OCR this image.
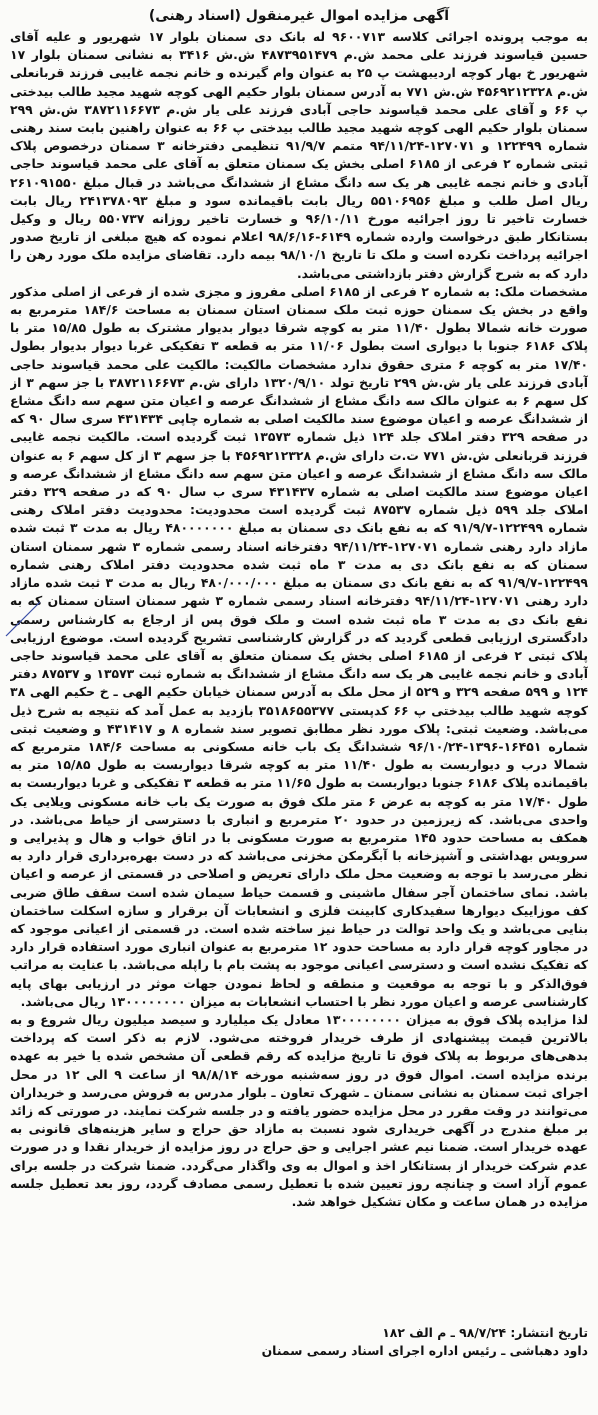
آگهی مزایده اموال غیرمنقول (اسناد رهنی)

به موجب پرونده اجرائی کلاسه ۹۶۰۰۷۱۳ له بانک دی سمنان بلوار ۱۷ شهریور و علیه آقای حسین قیاسوند فرزند علی محمد ش.م ۴۸۷۳۹۵۱۴۷۹ ش.ش ۳۴۱۶ به نشانی سمنان بلوار ۱۷ شهریور خ بهار کوچه اردیبهشت پ ۲۵ به عنوان وام گیرنده و خانم نجمه غایبی فرزند قربانعلی ش.م ۴۵۶۹۲۱۲۳۲۸ ش.ش ۷۷۱ به آدرس سمنان بلوار حکیم الهی کوچه شهید مجید طالب بیدختی پ ۶۶ و آقای علی محمد قیاسوند حاجی آبادی فرزند علی یار ش.م ۳۸۷۲۱۱۶۶۷۳ ش.ش ۲۹۹ سمنان بلوار حکیم الهی کوچه شهید مجید طالب بیدختی پ ۶۶ به عنوان راهنین بابت سند رهنی شماره ۱۲۲۴۹۹ و ۱۲۷۰۷۱-۹۴/۱۱/۲۴ متمم ۹۱/۹/۷ تنظیمی دفترخانه ۳ سمنان درخصوص پلاک ثبتی شماره ۲ فرعی از ۶۱۸۵ اصلی بخش یک سمنان متعلق به آقای علی محمد قیاسوند حاجی آبادی و خانم نجمه غایبی هر یک سه دانگ مشاع از ششدانگ می‌باشد در قبال مبلغ ۲۶۱۰۹۱۵۵۰ ریال اصل طلب و مبلغ ۵۵۱۰۶۹۵۶ ریال بابت باقیمانده سود و مبلغ ۲۴۱۳۷۸۰۹۳ ریال بابت خسارت تاخیر تا روز اجرائیه مورخ ۹۶/۱۰/۱۱ و خسارت تاخیر روزانه ۵۵۰۷۳۷ ریال و وکیل بستانکار طبق درخواست وارده شماره ۶۱۴۹-۹۸/۶/۱۶ اعلام نموده که هیچ مبلغی از تاریخ صدور اجرائیه پرداخت نکرده است و ملک تا تاریخ ۹۸/۱۰/۱ بیمه دارد. تقاضای مزایده ملک مورد رهن را دارد که به شرح گزارش دفتر بازداشتی می‌باشد.

مشخصات ملک: به شماره ۲ فرعی از ۶۱۸۵ اصلی مفروز و مجزی شده از فرعی از اصلی مذکور واقع در بخش یک سمنان حوزه ثبت ملک سمنان استان سمنان به مساحت ۱۸۴/۶ مترمربع به صورت خانه شمالا بطول ۱۱/۴۰ متر به کوچه شرقا دیوار بدیوار مشترک به طول ۱۵/۸۵ متر با پلاک ۶۱۸۶ جنوبا با دیواری است بطول ۱۱/۰۶ متر به قطعه ۳ تفکیکی غربا دیوار بدیوار بطول ۱۷/۴۰ متر به کوچه ۶ متری حقوق ندارد مشخصات مالکیت: مالکیت علی محمد قیاسوند حاجی آبادی فرزند علی یار ش.ش ۲۹۹ تاریخ تولد ۱۳۲۰/۹/۱۰ دارای ش.م ۳۸۷۲۱۱۶۶۷۳ با جز سهم ۳ از کل سهم ۶ به عنوان مالک سه دانگ مشاع از ششدانگ عرصه و اعیان متن سهم سه دانگ مشاع از ششدانگ عرصه و اعیان موضوع سند مالکیت اصلی به شماره چاپی ۴۳۱۴۳۴ سری سال ۹۰ که در صفحه ۳۲۹ دفتر املاک جلد ۱۲۴ ذیل شماره ۱۳۵۷۳ ثبت گردیده است. مالکیت نجمه غایبی فرزند قربانعلی ش.ش ۷۷۱ ت.ت دارای ش.م ۴۵۶۹۲۱۲۳۲۸ با جز سهم ۳ از کل سهم ۶ به عنوان مالک سه دانگ مشاع از ششدانگ عرصه و اعیان متن سهم سه دانگ مشاع از ششدانگ عرصه و اعیان موضوع سند مالکیت اصلی به شماره ۴۳۱۴۳۷ سری ب سال ۹۰ که در صفحه ۳۲۹ دفتر املاک جلد ۵۹۹ ذیل شماره ۸۷۵۳۷ ثبت گردیده است محدودیت: محدودیت دفتر املاک رهنی شماره ۱۲۲۴۹۹-۹۱/۹/۷ که به نفع بانک دی سمنان به مبلغ ۴۸۰۰۰۰۰۰۰ ریال به مدت ۳ ثبت شده مازاد دارد رهنی شماره ۱۲۷۰۷۱-۹۴/۱۱/۲۴ دفترخانه اسناد رسمی شماره ۳ شهر سمنان استان سمنان که به نفع بانک دی به مدت ۳ ماه ثبت شده محدودیت دفتر املاک رهنی شماره ۱۲۲۴۹۹-۹۱/۹/۷ که به نفع بانک دی سمنان به مبلغ ۴۸۰/۰۰۰/۰۰۰ ریال به مدت ۳ ثبت شده مازاد دارد رهنی ۱۲۷۰۷۱-۹۴/۱۱/۲۴ دفترخانه اسناد رسمی شماره ۳ شهر سمنان استان سمنان که به نفع بانک دی به مدت ۳ ماه ثبت شده است و ملک فوق پس از ارجاع به کارشناس رسمی دادگستری ارزیابی قطعی گردید که در گزارش کارشناسی تشریح گردیده است. موضوع ارزیابی پلاک ثبتی ۲ فرعی از ۶۱۸۵ اصلی بخش یک سمنان متعلق به آقای علی محمد قیاسوند حاجی آبادی و خانم نجمه غایبی هر یک سه دانگ مشاع از ششدانگ به شماره ثبت ۱۳۵۷۳ و ۸۷۵۳۷ دفتر ۱۲۴ و ۵۹۹ صفحه ۳۲۹ و ۵۲۹ از محل ملک به آدرس سمنان خیابان حکیم الهی ـ خ حکیم الهی ۳۸ کوچه شهید طالب بیدختی پ ۶۶ کدپستی ۳۵۱۸۶۵۵۳۷۷ بازدید به عمل آمد که نتیجه به شرح ذیل می‌باشد. وضعیت ثبتی: پلاک مورد نظر مطابق تصویر سند شماره ۸ و ۴۳۱۴۱۷ و وضعیت ثبتی شماره ۱۶۴۵۱-۱۳۹۶-۹۶/۱۰/۲۴ ششدانگ یک باب خانه مسکونی به مساحت ۱۸۴/۶ مترمربع که شمالا درب و دیواربست به طول ۱۱/۴۰ متر به کوچه شرقا دیواربست به طول ۱۵/۸۵ متر به باقیمانده پلاک ۶۱۸۶ جنوبا دیواربست به طول ۱۱/۶۵ متر به قطعه ۳ تفکیکی و غربا دیواربست به طول ۱۷/۴۰ متر به کوچه به عرض ۶ متر ملک فوق به صورت یک باب خانه مسکونی ویلایی یک واحدی می‌باشد. که زیرزمین در حدود ۲۰ مترمربع و انباری با دسترسی از حیاط می‌باشد. در همکف به مساحت حدود ۱۴۵ مترمربع به صورت مسکونی با در اتاق خواب و هال و پذیرایی و سرویس بهداشتی و آشپزخانه با آبگرمکن مخزنی می‌باشد که در دست بهره‌برداری قرار دارد به نظر می‌رسد با توجه به وضعیت محل ملک دارای تعریض و اصلاحی در قسمتی از عرصه و اعیان باشد. نمای ساختمان آجر سفال ماشینی و قسمت حیاط سیمان شده است سقف طاق ضربی کف موزاییک دیوارها سفیدکاری کابینت فلزی و انشعابات آن برقرار و سازه اسکلت ساختمان بنایی می‌باشد و یک واحد توالت در حیاط نیز ساخته شده است. در قسمتی از اعیانی موجود که در مجاور کوچه قرار دارد به مساحت حدود ۱۲ مترمربع به عنوان انباری مورد استفاده قرار دارد که تفکیک نشده است و دسترسی اعیانی موجود به پشت بام با راپله می‌باشد. با عنایت به مراتب فوق‌الذکر و با توجه به موقعیت و منطقه و لحاظ نمودن جهات موثر در ارزیابی بهای پایه کارشناسی عرصه و اعیان مورد نظر با احتساب انشعابات به میزان ۱۳۰۰۰۰۰۰۰۰ ریال می‌باشد.

لذا مزایده پلاک فوق به میزان ۱۳۰۰۰۰۰۰۰۰ معادل یک میلیارد و سیصد میلیون ریال شروع و به بالاترین قیمت پیشنهادی از طرف خریدار فروخته می‌شود. لازم به ذکر است که پرداخت بدهی‌های مربوط به پلاک فوق تا تاریخ مزایده که رقم قطعی آن مشخص شده یا خیر به عهده برنده مزایده است. اموال فوق در روز سه‌شنبه مورخه ۹۸/۸/۱۴ از ساعت ۹ الی ۱۲ در محل اجرای ثبت سمنان به نشانی سمنان ـ شهرک تعاون ـ بلوار مدرس به فروش می‌رسد و خریداران می‌توانند در وقت مقرر در محل مزایده حضور یافته و در جلسه شرکت نمایند. در صورتی که زائد بر مبلغ مندرج در آگهی خریداری شود نسبت به مازاد حق حراج و سایر هزینه‌های قانونی به عهده خریدار است. ضمنا نیم عشر اجرایی و حق حراج در روز مزایده از خریدار نقدا و در صورت عدم شرکت خریدار از بستانکار اخذ و اموال به وی واگذار می‌گردد. ضمنا شرکت در جلسه برای عموم آزاد است و چنانچه روز تعیین شده با تعطیل رسمی مصادف گردد، روز بعد تعطیل جلسه مزایده در همان ساعت و مکان تشکیل خواهد شد.

تاریخ انتشار: ۹۸/۷/۲۴ ـ م الف ۱۸۲
داود دهباشی ـ رئیس اداره اجرای اسناد رسمی سمنان
